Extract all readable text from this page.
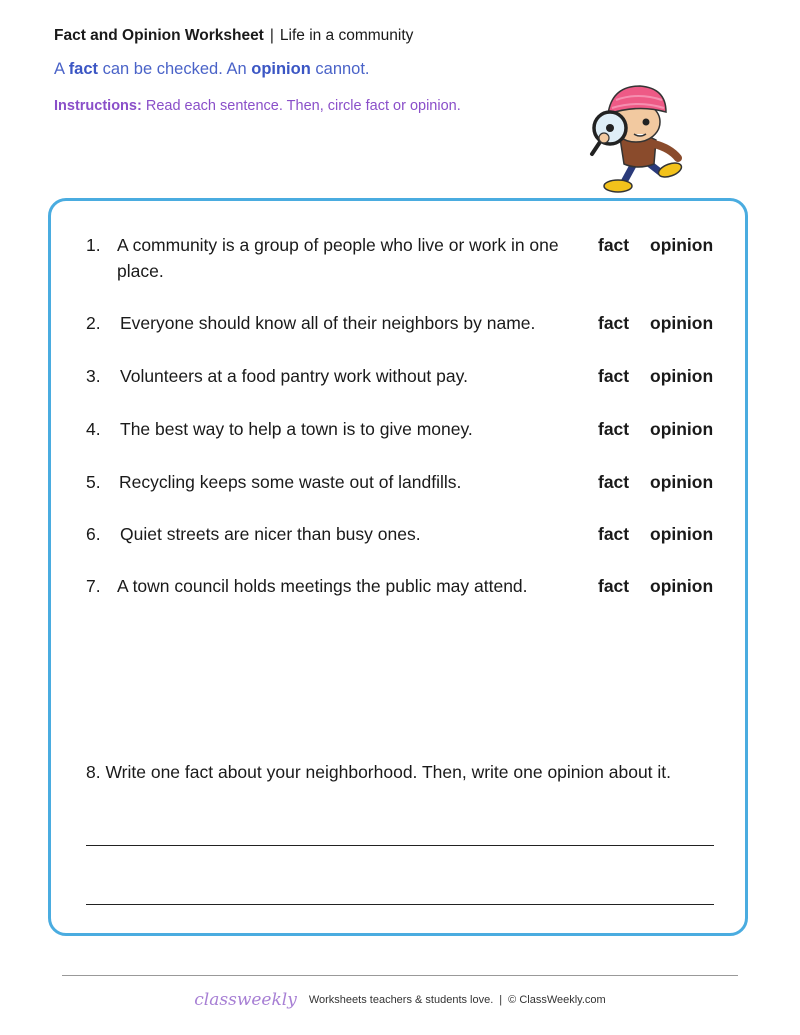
Fact and Opinion Worksheet | Life in a community
A fact can be checked. An opinion cannot.
Instructions: Read each sentence. Then, circle fact or opinion.
1. A community is a group of people who live or work in one place.
fact opinion
2. Everyone should know all of their neighbors by name.	fact opinion
3. Volunteers at a food pantry work without pay.	fact opinion
4. The best way to help a town is to give money.	fact opinion
5. Recycling keeps some waste out of landfills.	fact opinion
6. Quiet streets are nicer than busy ones.	fact opinion
7. A town council holds meetings the public may attend.	fact opinion
8. Write one fact about your neighborhood. Then, write one opinion about it.
classweekly Worksheets teachers & students love. | © ClassWeekly.com
